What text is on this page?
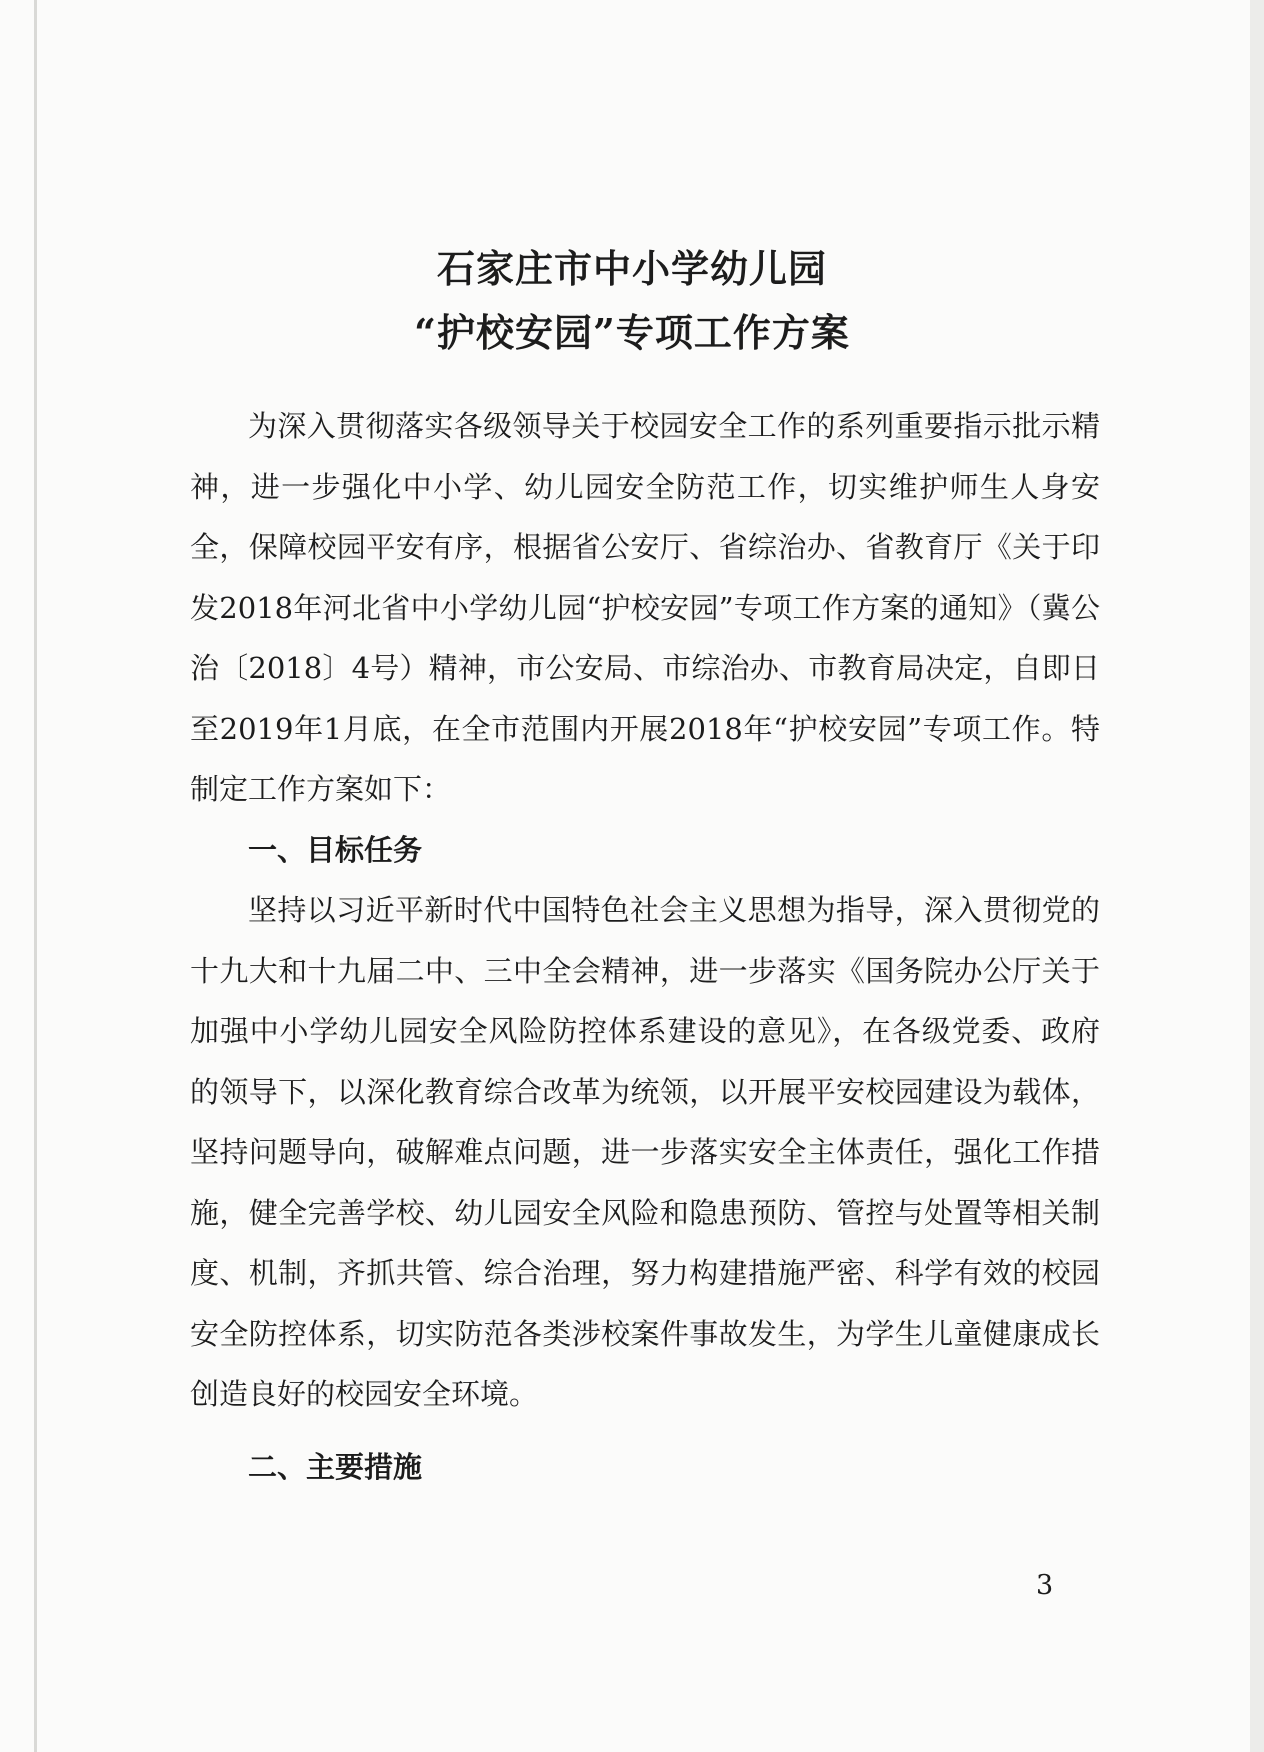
石家庄市中小学幼儿园
“护校安园”专项工作方案

为深入贯彻落实各级领导关于校园安全工作的系列重要指示批示精神，进一步强化中小学、幼儿园安全防范工作，切实维护师生人身安全，保障校园平安有序，根据省公安厅、省综治办、省教育厅《关于印发2018年河北省中小学幼儿园“护校安园”专项工作方案的通知》（冀公治〔2018〕4号）精神，市公安局、市综治办、市教育局决定，自即日至2019年1月底，在全市范围内开展2018年“护校安园”专项工作。特制定工作方案如下：

一、目标任务

坚持以习近平新时代中国特色社会主义思想为指导，深入贯彻党的十九大和十九届二中、三中全会精神，进一步落实《国务院办公厅关于加强中小学幼儿园安全风险防控体系建设的意见》，在各级党委、政府的领导下，以深化教育综合改革为统领，以开展平安校园建设为载体，坚持问题导向，破解难点问题，进一步落实安全主体责任，强化工作措施，健全完善学校、幼儿园安全风险和隐患预防、管控与处置等相关制度、机制，齐抓共管、综合治理，努力构建措施严密、科学有效的校园安全防控体系，切实防范各类涉校案件事故发生，为学生儿童健康成长创造良好的校园安全环境。

二、主要措施
3
